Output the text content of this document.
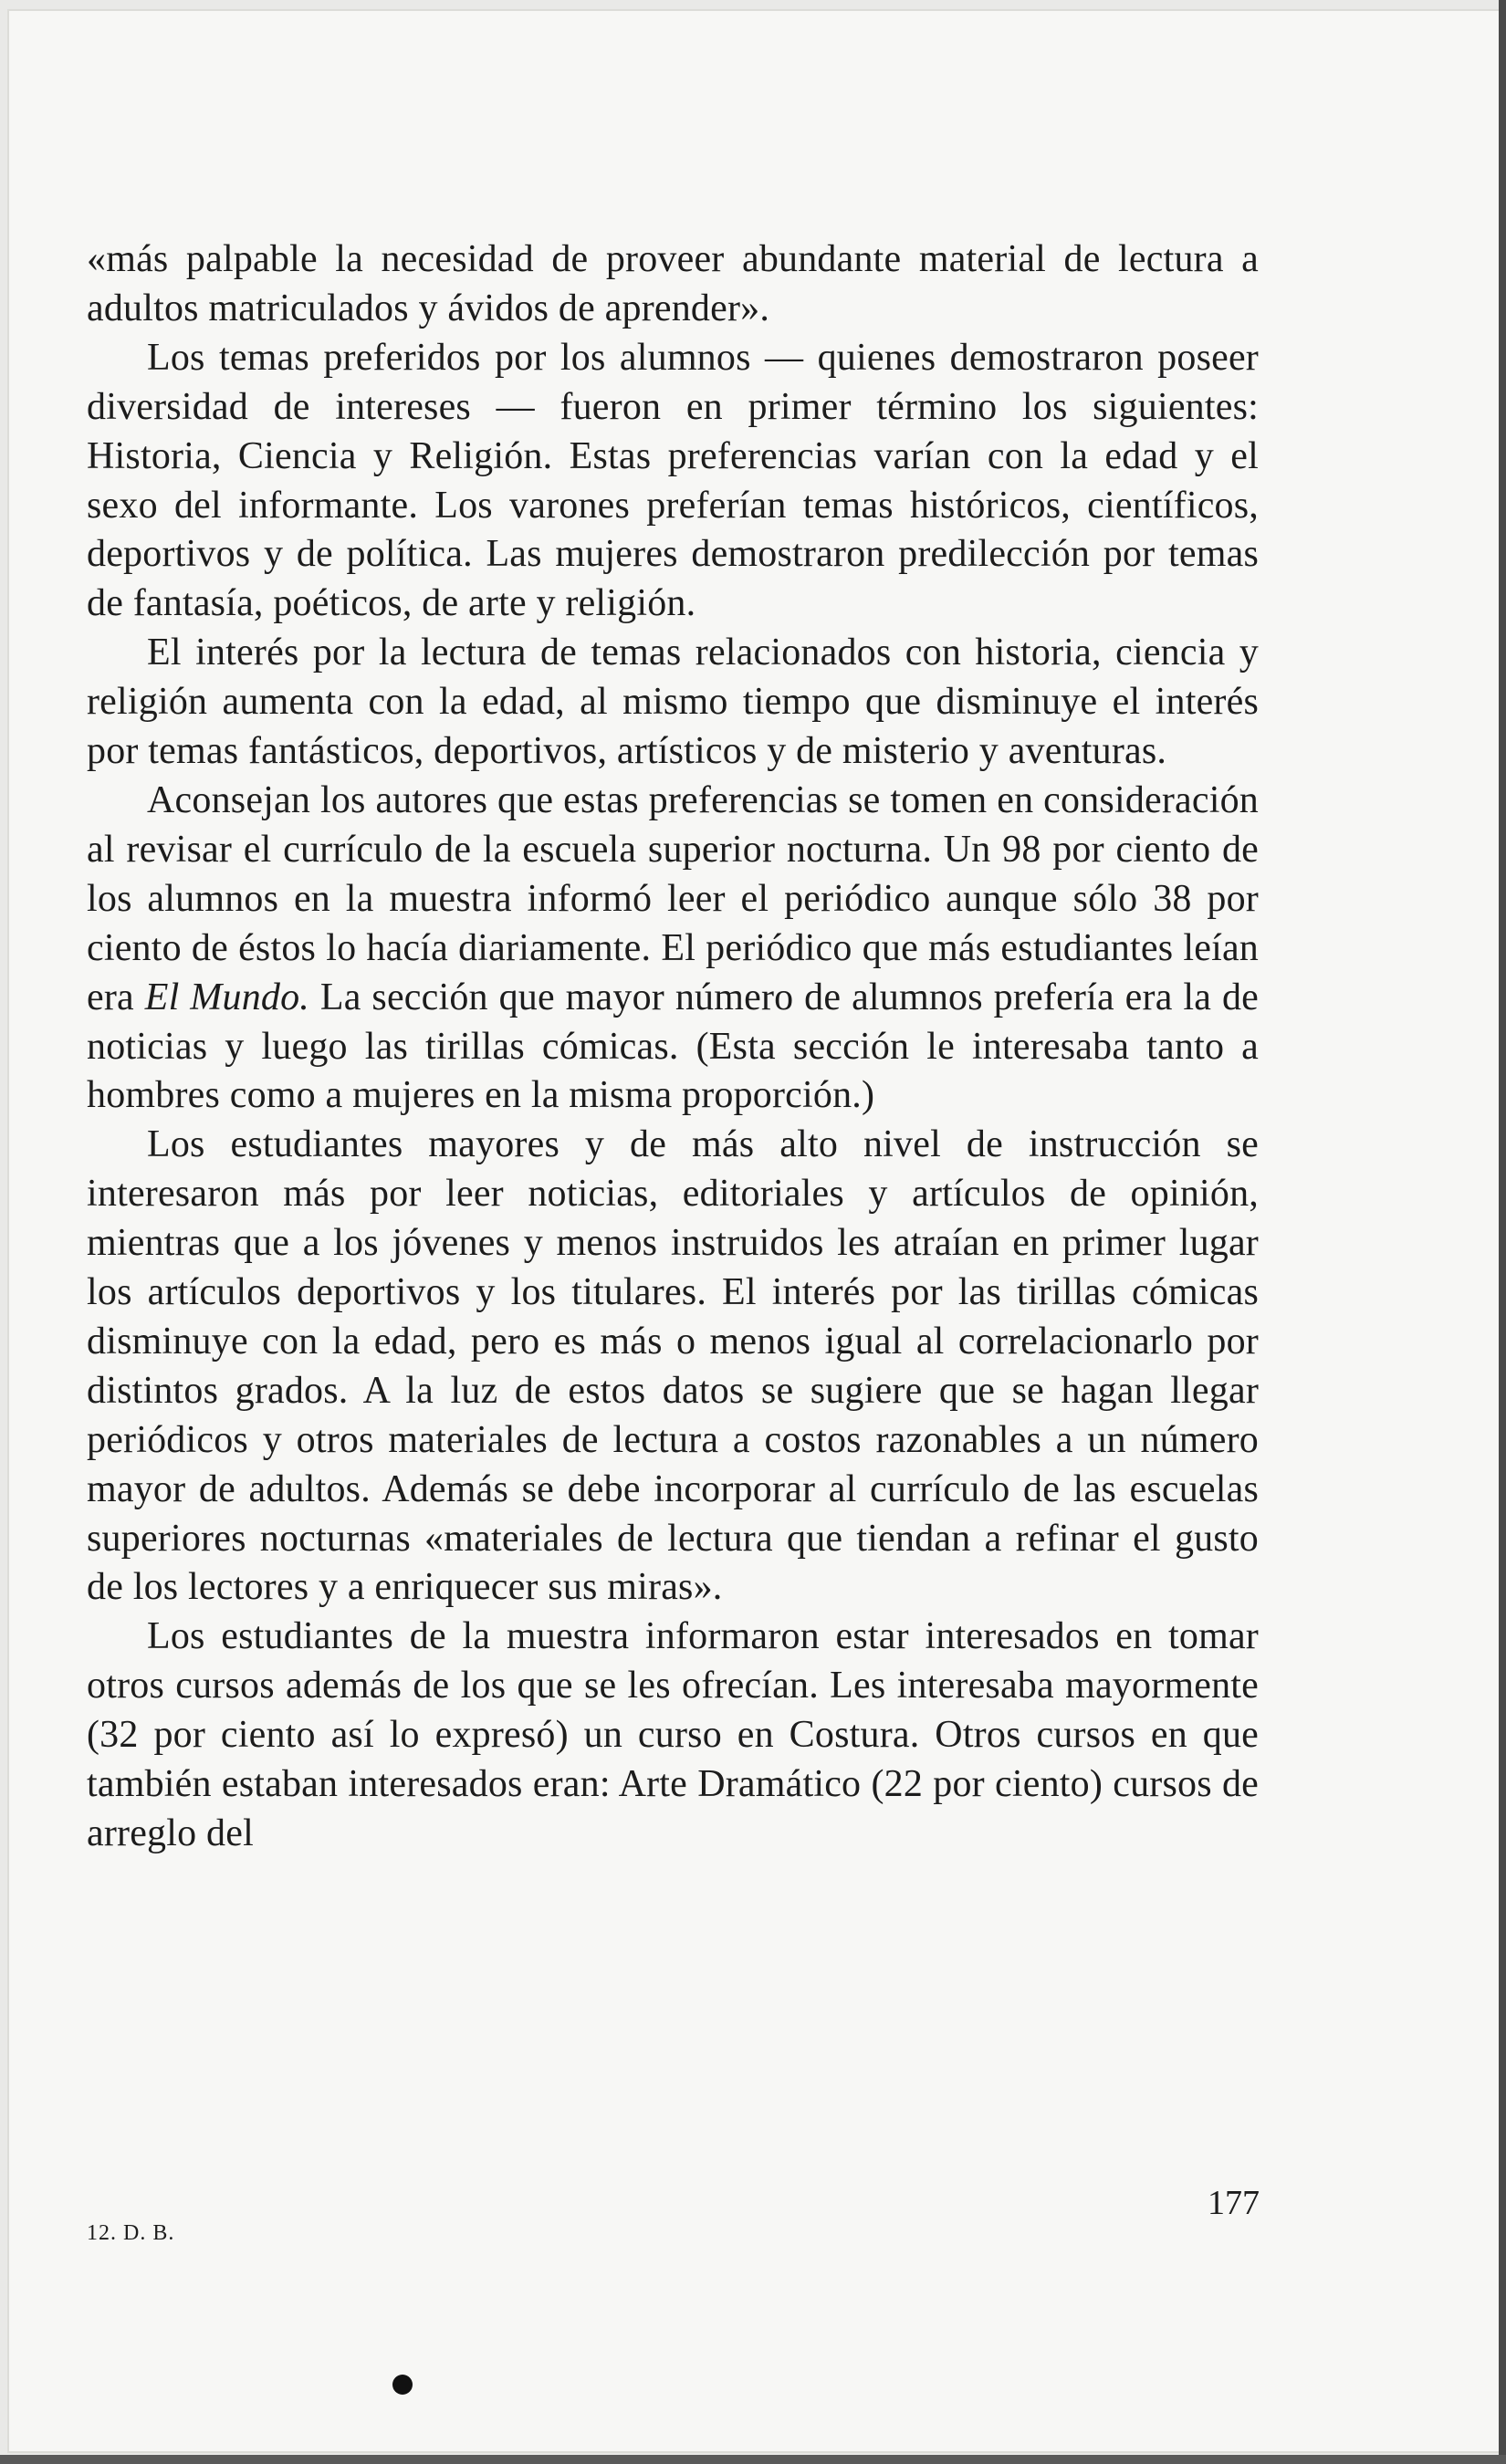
«más palpable la necesidad de proveer abundante material de lectura a adultos matriculados y ávidos de aprender».

Los temas preferidos por los alumnos — quienes demostraron poseer diversidad de intereses — fueron en primer término los siguientes: Historia, Ciencia y Religión. Estas preferencias varían con la edad y el sexo del informante. Los varones preferían temas históricos, científicos, deportivos y de política. Las mujeres demostraron predilección por temas de fantasía, poéticos, de arte y religión.

El interés por la lectura de temas relacionados con historia, ciencia y religión aumenta con la edad, al mismo tiempo que disminuye el interés por temas fantásticos, deportivos, artísticos y de misterio y aventuras.

Aconsejan los autores que estas preferencias se tomen en consideración al revisar el currículo de la escuela superior nocturna. Un 98 por ciento de los alumnos en la muestra informó leer el periódico aunque sólo 38 por ciento de éstos lo hacía diariamente. El periódico que más estudiantes leían era El Mundo. La sección que mayor número de alumnos prefería era la de noticias y luego las tirillas cómicas. (Esta sección le interesaba tanto a hombres como a mujeres en la misma proporción.)

Los estudiantes mayores y de más alto nivel de instrucción se interesaron más por leer noticias, editoriales y artículos de opinión, mientras que a los jóvenes y menos instruidos les atraían en primer lugar los artículos deportivos y los titulares. El interés por las tirillas cómicas disminuye con la edad, pero es más o menos igual al correlacionarlo por distintos grados. A la luz de estos datos se sugiere que se hagan llegar periódicos y otros materiales de lectura a costos razonables a un número mayor de adultos. Además se debe incorporar al currículo de las escuelas superiores nocturnas «materiales de lectura que tiendan a refinar el gusto de los lectores y a enriquecer sus miras».

Los estudiantes de la muestra informaron estar interesados en tomar otros cursos además de los que se les ofrecían. Les interesaba mayormente (32 por ciento así lo expresó) un curso en Costura. Otros cursos en que también estaban interesados eran: Arte Dramático (22 por ciento) cursos de arreglo del

177
12. D. B.
